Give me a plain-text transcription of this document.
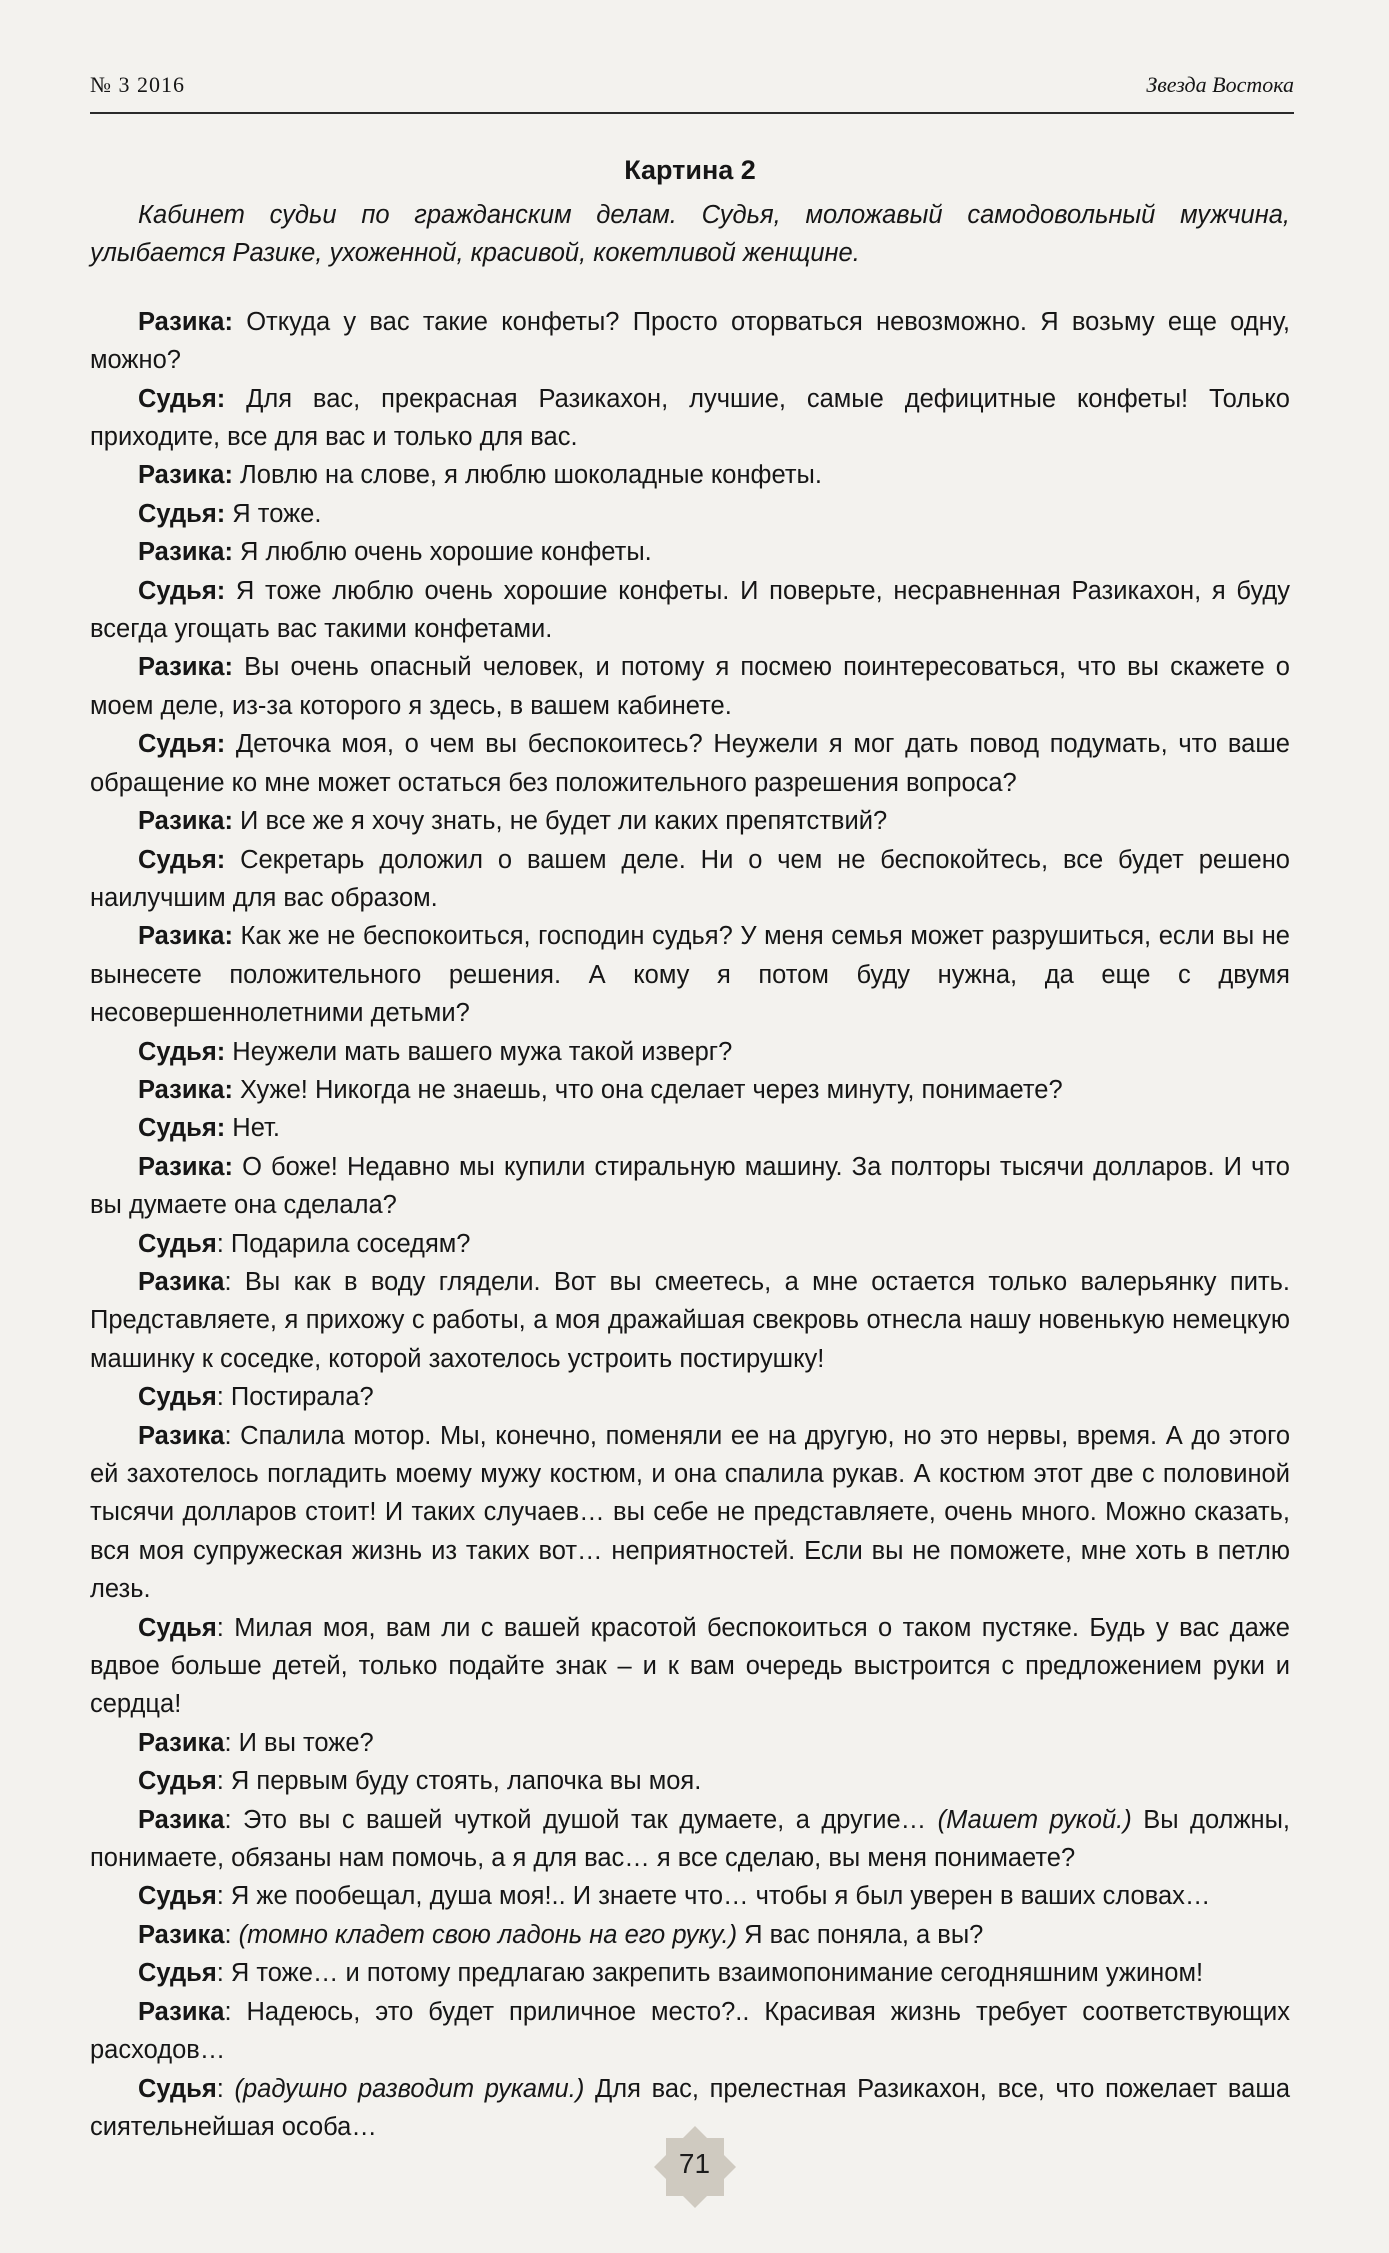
№ 3 2016	Звезда Востока
Картина 2

Кабинет судьи по гражданским делам. Судья, моложавый самодовольный мужчина, улыбается Разике, ухоженной, красивой, кокетливой женщине.

Разика: Откуда у вас такие конфеты? Просто оторваться невозможно. Я возьму еще одну, можно?

Судья: Для вас, прекрасная Разикахон, лучшие, самые дефицитные конфеты! Только приходите, все для вас и только для вас.

Разика: Ловлю на слове, я люблю шоколадные конфеты.

Судья: Я тоже.

Разика: Я люблю очень хорошие конфеты.

Судья: Я тоже люблю очень хорошие конфеты. И поверьте, несравненная Разикахон, я буду всегда угощать вас такими конфетами.

Разика: Вы очень опасный человек, и потому я посмею поинтересоваться, что вы скажете о моем деле, из-за которого я здесь, в вашем кабинете.

Судья: Деточка моя, о чем вы беспокоитесь? Неужели я мог дать повод подумать, что ваше обращение ко мне может остаться без положительного разрешения вопроса?

Разика: И все же я хочу знать, не будет ли каких препятствий?

Судья: Секретарь доложил о вашем деле. Ни о чем не беспокойтесь, все будет решено наилучшим для вас образом.

Разика: Как же не беспокоиться, господин судья? У меня семья может разрушиться, если вы не вынесете положительного решения. А кому я потом буду нужна, да еще с двумя несовершеннолетними детьми?

Судья: Неужели мать вашего мужа такой изверг?

Разика: Хуже! Никогда не знаешь, что она сделает через минуту, понимаете?

Судья: Нет.

Разика: О боже! Недавно мы купили стиральную машину. За полторы тысячи долларов. И что вы думаете она сделала?

Судья: Подарила соседям?

Разика: Вы как в воду глядели. Вот вы смеетесь, а мне остается только валерьянку пить. Представляете, я прихожу с работы, а моя дражайшая свекровь отнесла нашу новенькую немецкую машинку к соседке, которой захотелось устроить постирушку!

Судья: Постирала?

Разика: Спалила мотор. Мы, конечно, поменяли ее на другую, но это нервы, время. А до этого ей захотелось погладить моему мужу костюм, и она спалила рукав. А костюм этот две с половиной тысячи долларов стоит! И таких случаев… вы себе не представляете, очень много. Можно сказать, вся моя супружеская жизнь из таких вот… неприятностей. Если вы не поможете, мне хоть в петлю лезь.

Судья: Милая моя, вам ли с вашей красотой беспокоиться о таком пустяке. Будь у вас даже вдвое больше детей, только подайте знак – и к вам очередь выстроится с предложением руки и сердца!

Разика: И вы тоже?

Судья: Я первым буду стоять, лапочка вы моя.

Разика: Это вы с вашей чуткой душой так думаете, а другие… (Машет рукой.) Вы должны, понимаете, обязаны нам помочь, а я для вас… я все сделаю, вы меня понимаете?

Судья: Я же пообещал, душа моя!.. И знаете что… чтобы я был уверен в ваших словах…

Разика: (томно кладет свою ладонь на его руку.) Я вас поняла, а вы?

Судья: Я тоже… и потому предлагаю закрепить взаимопонимание сегодняшним ужином!

Разика: Надеюсь, это будет приличное место?.. Красивая жизнь требует соответствующих расходов…

Судья: (радушно разводит руками.) Для вас, прелестная Разикахон, все, что пожелает ваша сиятельнейшая особа…

71
